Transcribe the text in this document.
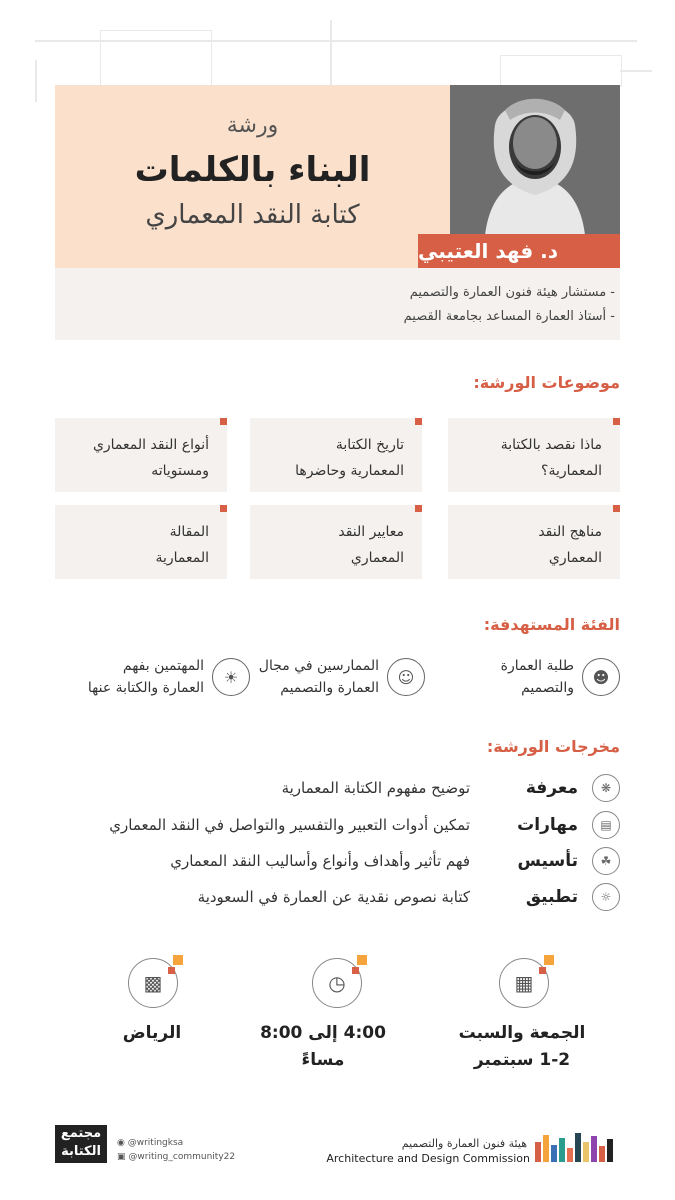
ورشة
البناء بالكلمات
كتابة النقد المعماري
د. فهد العتيبي
- مستشار هيئة فنون العمارة والتصميم
- أستاذ العمارة المساعد بجامعة القصيم
موضوعات الورشة:
ماذا نقصد بالكتابة
المعمارية؟
تاريخ الكتابة
المعمارية وحاضرها
أنواع النقد المعماري
ومستوياته
مناهج النقد
المعماري
معايير النقد
المعماري
المقالة
المعمارية
الفئة المستهدفة:
☻
طلبة العمارة
والتصميم
☺
الممارسين في مجال
العمارة والتصميم
☀
المهتمين بفهم
العمارة والكتابة عنها
مخرجات الورشة:
❋
معرفة
توضيح مفهوم الكتابة المعمارية
▤
مهارات
تمكين أدوات التعبير والتفسير والتواصل في النقد المعماري
☘
تأسيس
فهم تأثير وأهداف وأنواع وأساليب النقد المعماري
☼
تطبيق
كتابة نصوص نقدية عن العمارة في السعودية
▦
الجمعة والسبت
1-2 سبتمبر
◷
4:00 إلى 8:00
مساءً
▩
الرياض
مجتمع
الكتابة
◉ @writingksa
▣ @writing_community22
هيئة فنون العمارة والتصميم
Architecture and Design Commission
